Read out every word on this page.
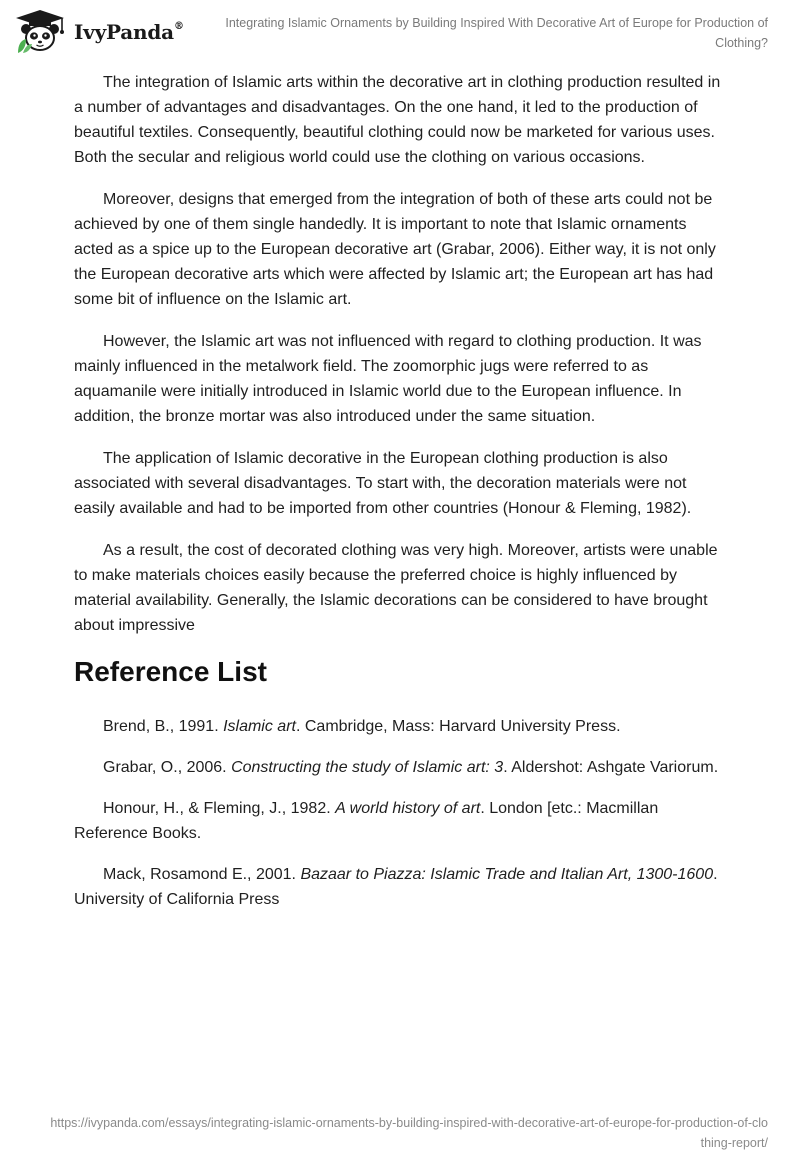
IvyPanda®	Integrating Islamic Ornaments by Building Inspired With Decorative Art of Europe for Production of Clothing?

The integration of Islamic arts within the decorative art in clothing production resulted in a number of advantages and disadvantages. On the one hand, it led to the production of beautiful textiles. Consequently, beautiful clothing could now be marketed for various uses. Both the secular and religious world could use the clothing on various occasions.

Moreover, designs that emerged from the integration of both of these arts could not be achieved by one of them single handedly. It is important to note that Islamic ornaments acted as a spice up to the European decorative art (Grabar, 2006). Either way, it is not only the European decorative arts which were affected by Islamic art; the European art has had some bit of influence on the Islamic art.

However, the Islamic art was not influenced with regard to clothing production. It was mainly influenced in the metalwork field. The zoomorphic jugs were referred to as aquamanile were initially introduced in Islamic world due to the European influence. In addition, the bronze mortar was also introduced under the same situation.

The application of Islamic decorative in the European clothing production is also associated with several disadvantages. To start with, the decoration materials were not easily available and had to be imported from other countries (Honour & Fleming, 1982).

As a result, the cost of decorated clothing was very high. Moreover, artists were unable to make materials choices easily because the preferred choice is highly influenced by material availability. Generally, the Islamic decorations can be considered to have brought about impressive

Reference List

Brend, B., 1991. Islamic art. Cambridge, Mass: Harvard University Press.

Grabar, O., 2006. Constructing the study of Islamic art: 3. Aldershot: Ashgate Variorum.

Honour, H., & Fleming, J., 1982. A world history of art. London [etc.: Macmillan Reference Books.

Mack, Rosamond E., 2001. Bazaar to Piazza: Islamic Trade and Italian Art, 1300-1600. University of California Press

https://ivypanda.com/essays/integrating-islamic-ornaments-by-building-inspired-with-decorative-art-of-europe-for-production-of-clothing-report/
